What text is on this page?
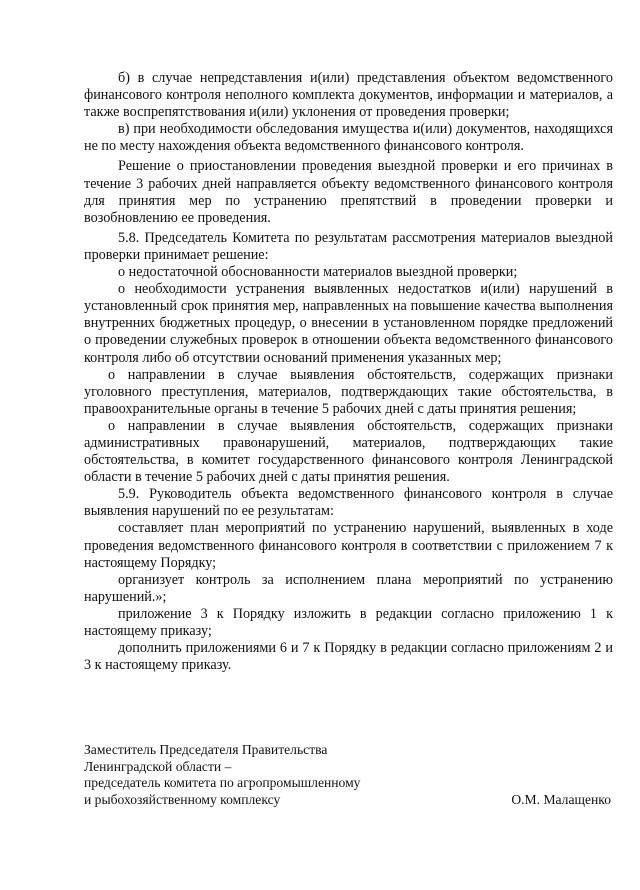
б) в случае непредставления и(или) представления объектом ведомственного финансового контроля неполного комплекта документов, информации и материалов, а также воспрепятствования и(или) уклонения от проведения проверки;

в) при необходимости обследования имущества и(или) документов, находящихся не по месту нахождения объекта ведомственного финансового контроля.

Решение о приостановлении проведения выездной проверки и его причинах в течение 3 рабочих дней направляется объекту ведомственного финансового контроля для принятия мер по устранению препятствий в проведении проверки и возобновлению ее проведения.

5.8. Председатель Комитета по результатам рассмотрения материалов выездной проверки принимает решение:

о недостаточной обоснованности материалов выездной проверки;

о необходимости устранения выявленных недостатков и(или) нарушений в установленный срок принятия мер, направленных на повышение качества выполнения внутренних бюджетных процедур, о внесении в установленном порядке предложений о проведении служебных проверок в отношении объекта ведомственного финансового контроля либо об отсутствии оснований применения указанных мер;

о направлении в случае выявления обстоятельств, содержащих признаки уголовного преступления, материалов, подтверждающих такие обстоятельства, в правоохранительные органы в течение 5 рабочих дней с даты принятия решения;

о направлении в случае выявления обстоятельств, содержащих признаки административных правонарушений, материалов, подтверждающих такие обстоятельства, в комитет государственного финансового контроля Ленинградской области в течение 5 рабочих дней с даты принятия решения.

5.9. Руководитель объекта ведомственного финансового контроля в случае выявления нарушений по ее результатам:

составляет план мероприятий по устранению нарушений, выявленных в ходе проведения ведомственного финансового контроля в соответствии с приложением 7 к настоящему Порядку;

организует контроль за исполнением плана мероприятий по устранению нарушений.»;

приложение 3 к Порядку изложить в редакции согласно приложению 1 к настоящему приказу;

дополнить приложениями 6 и 7 к Порядку в редакции согласно приложениям 2 и 3 к настоящему приказу.

Заместитель Председателя Правительства

Ленинградской области –

председатель комитета по агропромышленному

и рыбохозяйственному комплексу	О.М. Малащенко
